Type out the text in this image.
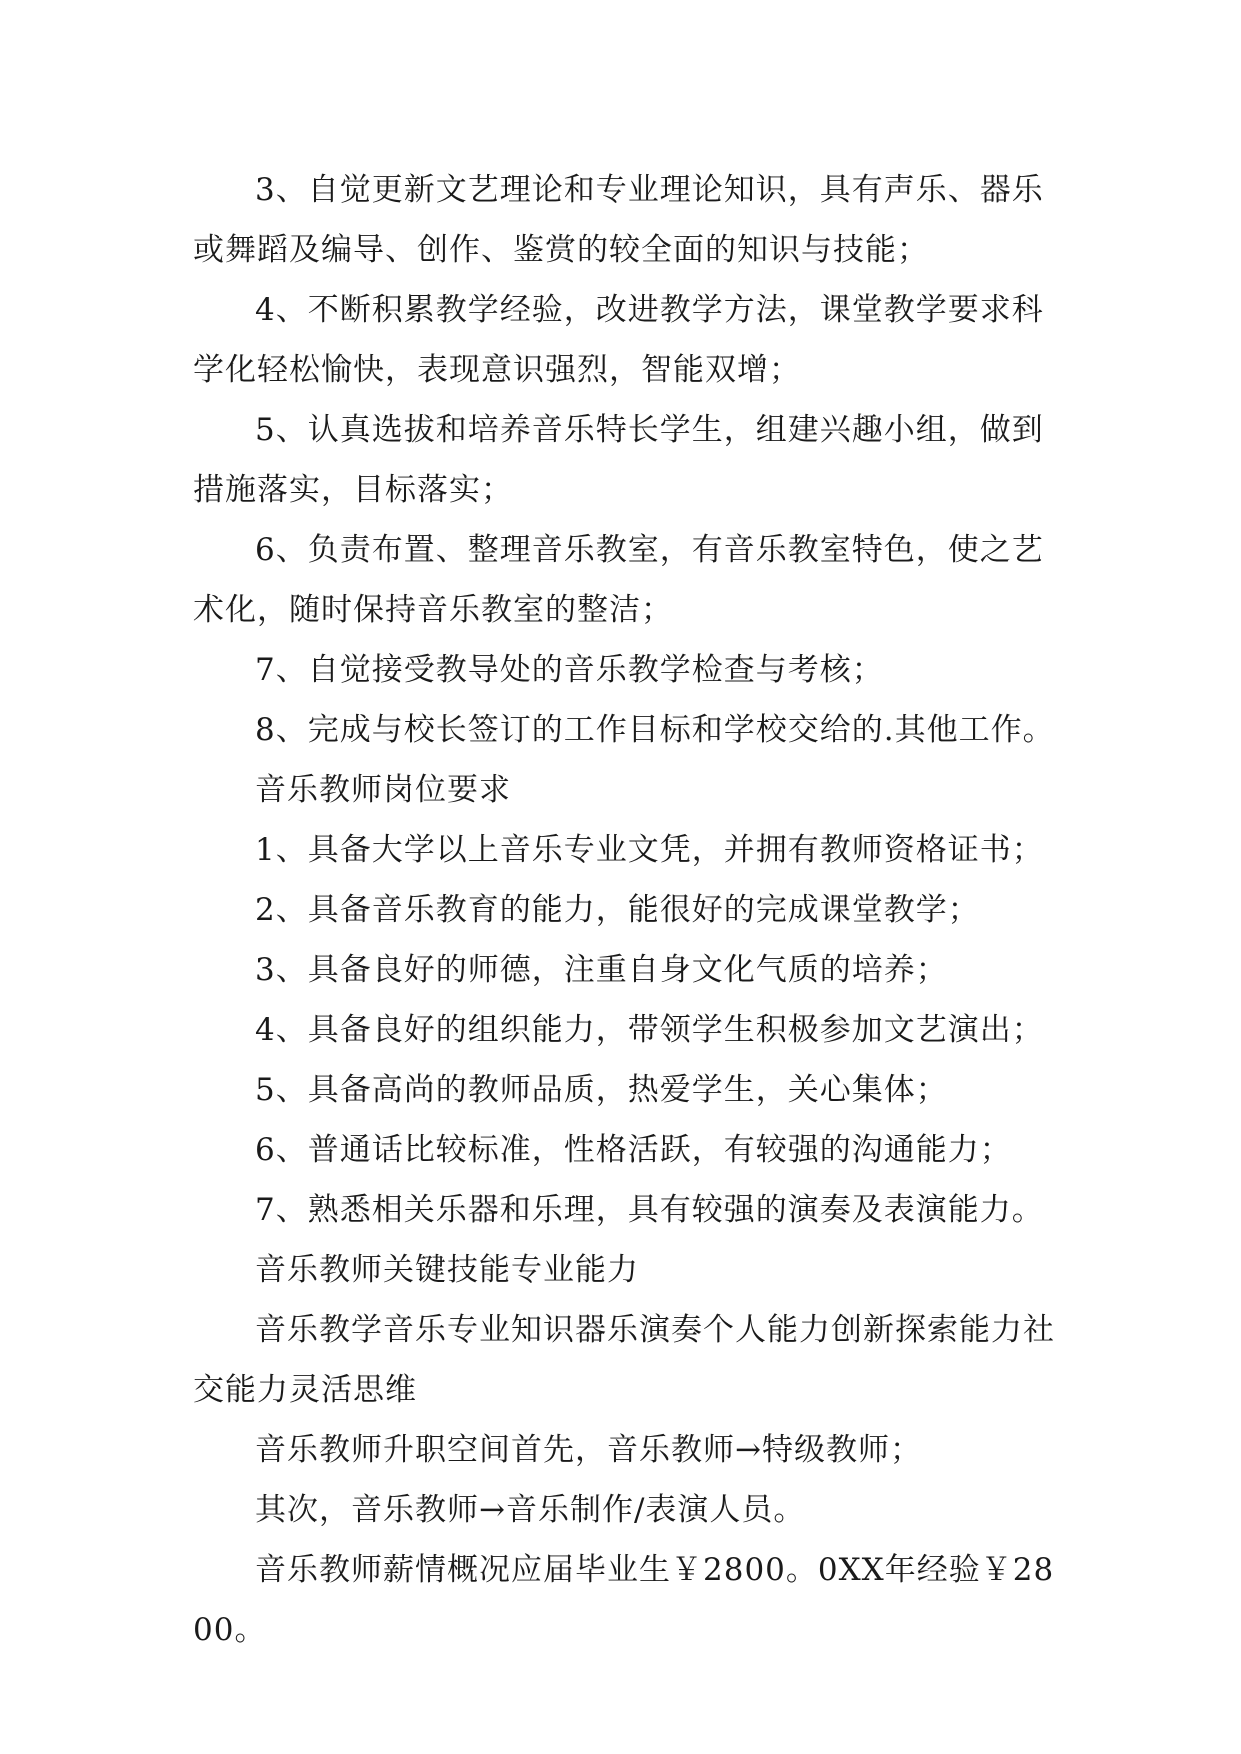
3、自觉更新文艺理论和专业理论知识，具有声乐、器乐或舞蹈及编导、创作、鉴赏的较全面的知识与技能；

4、不断积累教学经验，改进教学方法，课堂教学要求科学化轻松愉快，表现意识强烈，智能双增；

5、认真选拔和培养音乐特长学生，组建兴趣小组，做到措施落实，目标落实；

6、负责布置、整理音乐教室，有音乐教室特色，使之艺术化，随时保持音乐教室的整洁；

7、自觉接受教导处的音乐教学检查与考核；

8、完成与校长签订的工作目标和学校交给的.其他工作。

音乐教师岗位要求

1、具备大学以上音乐专业文凭，并拥有教师资格证书；

2、具备音乐教育的能力，能很好的完成课堂教学；

3、具备良好的师德，注重自身文化气质的培养；

4、具备良好的组织能力，带领学生积极参加文艺演出；

5、具备高尚的教师品质，热爱学生，关心集体；

6、普通话比较标准，性格活跃，有较强的沟通能力；

7、熟悉相关乐器和乐理，具有较强的演奏及表演能力。

音乐教师关键技能专业能力

音乐教学音乐专业知识器乐演奏个人能力创新探索能力社交能力灵活思维

音乐教师升职空间首先，音乐教师→特级教师；

其次，音乐教师→音乐制作/表演人员。

音乐教师薪情概况应届毕业生￥2800。0XX年经验￥2800。
